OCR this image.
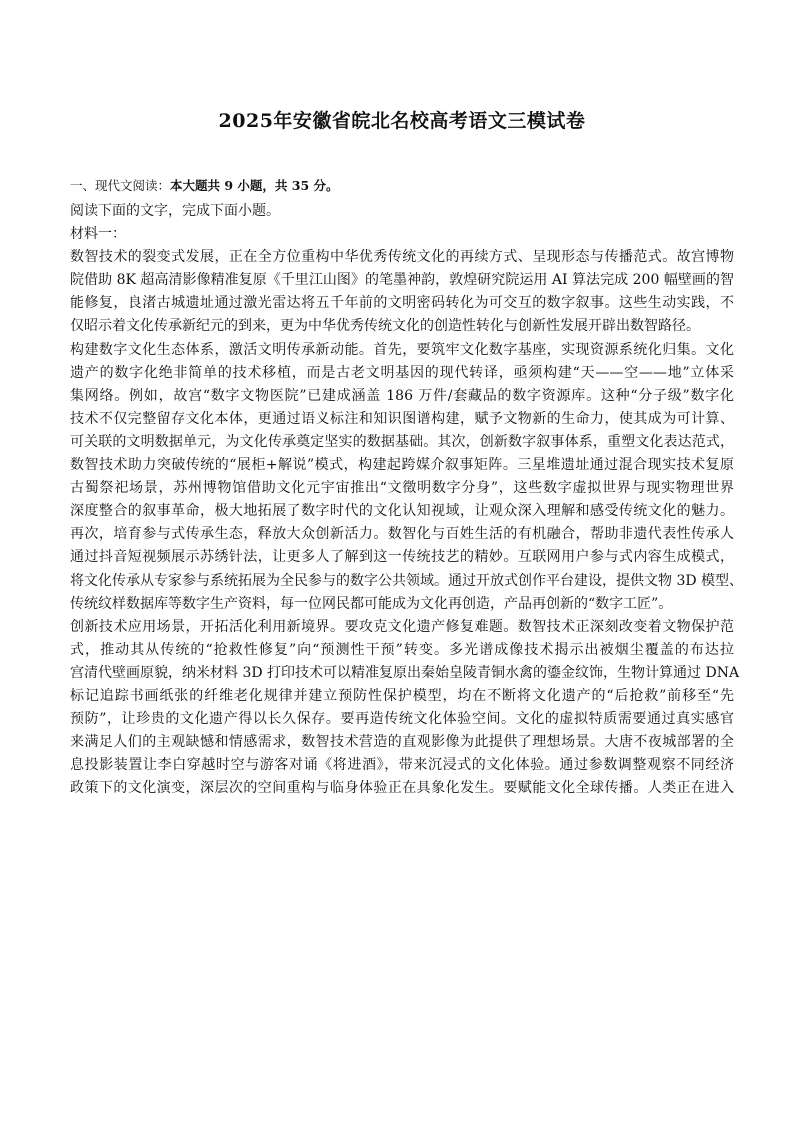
2025年安徽省皖北名校高考语文三模试卷

一、现代文阅读：本大题共 9 小题，共 35 分。

阅读下面的文字，完成下面小题。
材料一：
数智技术的裂变式发展，正在全方位重构中华优秀传统文化的再续方式、呈现形态与传播范式。故宫博物
院借助 8K 超高清影像精准复原《千里江山图》的笔墨神韵，敦煌研究院运用 AI 算法完成 200 幅壁画的智
能修复，良渚古城遗址通过激光雷达将五千年前的文明密码转化为可交互的数字叙事。这些生动实践，不
仅昭示着文化传承新纪元的到来，更为中华优秀传统文化的创造性转化与创新性发展开辟出数智路径。
构建数字文化生态体系，激活文明传承新动能。首先，要筑牢文化数字基座，实现资源系统化归集。文化
遗产的数字化绝非简单的技术移植，而是古老文明基因的现代转译，亟须构建“天——空——地”立体采
集网络。例如，故宫“数字文物医院”已建成涵盖 186 万件/套藏品的数字资源库。这种“分子级”数字化
技术不仅完整留存文化本体，更通过语义标注和知识图谱构建，赋予文物新的生命力，使其成为可计算、
可关联的文明数据单元，为文化传承奠定坚实的数据基础。其次，创新数字叙事体系，重塑文化表达范式，
数智技术助力突破传统的“展柜+解说”模式，构建起跨媒介叙事矩阵。三星堆遗址通过混合现实技术复原
古蜀祭祀场景，苏州博物馆借助文化元宇宙推出“文徵明数字分身”，这些数字虚拟世界与现实物理世界
深度整合的叙事革命，极大地拓展了数字时代的文化认知视域，让观众深入理解和感受传统文化的魅力。
再次，培育参与式传承生态，释放大众创新活力。数智化与百姓生活的有机融合，帮助非遗代表性传承人
通过抖音短视频展示苏绣针法，让更多人了解到这一传统技艺的精妙。互联网用户参与式内容生成模式，
将文化传承从专家参与系统拓展为全民参与的数字公共领域。通过开放式创作平台建设，提供文物 3D 模型、
传统纹样数据库等数字生产资料，每一位网民都可能成为文化再创造，产品再创新的“数字工匠”。
创新技术应用场景，开拓活化利用新境界。要攻克文化遗产修复难题。数智技术正深刻改变着文物保护范
式，推动其从传统的“抢救性修复”向“预测性干预”转变。多光谱成像技术揭示出被烟尘覆盖的布达拉
宫清代壁画原貌，纳米材料 3D 打印技术可以精准复原出秦始皇陵青铜水禽的鎏金纹饰，生物计算通过 DNA
标记追踪书画纸张的纤维老化规律并建立预防性保护模型，均在不断将文化遗产的“后抢救”前移至“先
预防”，让珍贵的文化遗产得以长久保存。要再造传统文化体验空间。文化的虚拟特质需要通过真实感官
来满足人们的主观缺憾和情感需求，数智技术营造的直观影像为此提供了理想场景。大唐不夜城部署的全
息投影装置让李白穿越时空与游客对诵《将进酒》，带来沉浸式的文化体验。通过参数调整观察不同经济
政策下的文化演变，深层次的空间重构与临身体验正在具象化发生。要赋能文化全球传播。人类正在进入
